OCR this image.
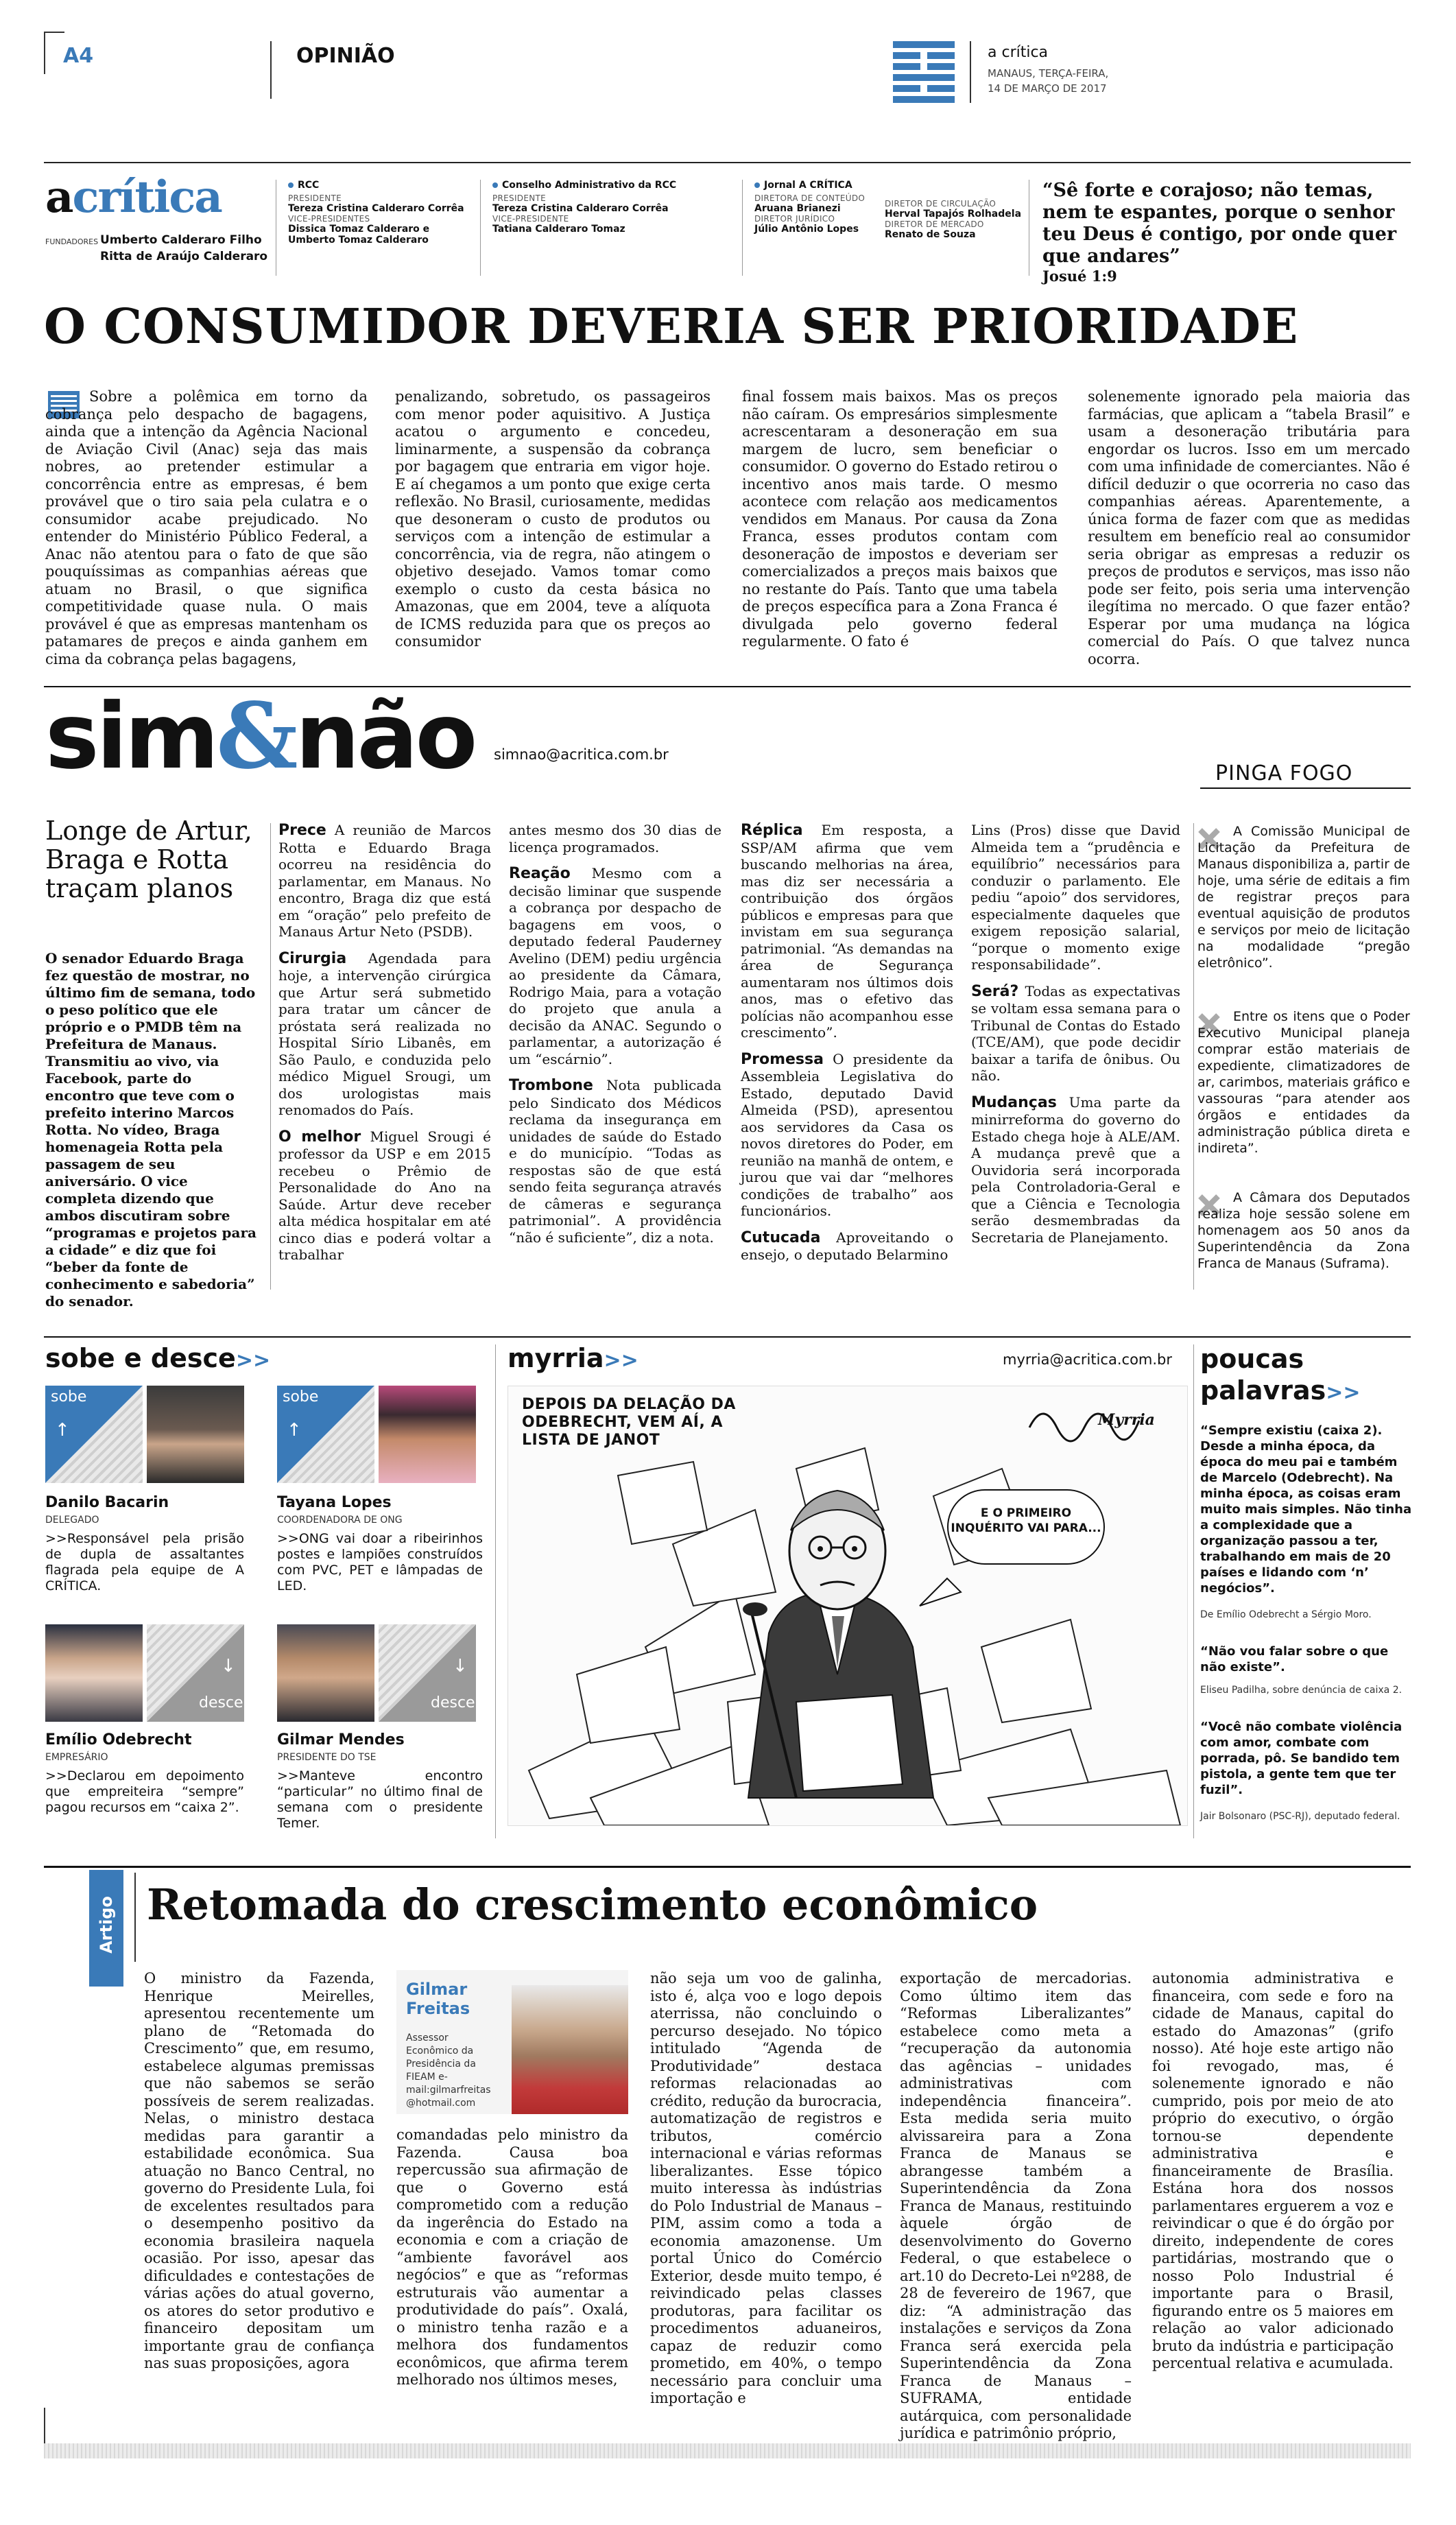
A4	OPINIÃO	a crítica
MANAUS, TERÇA-FEIRA,
14 DE MARÇO DE 2017
acrítica
FUNDADORES Umberto Calderaro Filho
Ritta de Araújo Calderaro
RCC
PRESIDENTE
Tereza Cristina Calderaro Corrêa
VICE-PRESIDENTES
Dissica Tomaz Calderaro e
Umberto Tomaz Calderaro
Conselho Administrativo da RCC
PRESIDENTE
Tereza Cristina Calderaro Corrêa
VICE-PRESIDENTE
Tatiana Calderaro Tomaz
Jornal A CRÍTICA
DIRETORA DE CONTEÚDO
Aruana Brianezi
DIRETOR JURÍDICO
Júlio Antônio Lopes
DIRETOR DE CIRCULAÇÃO
Herval Tapajós Rolhadela
DIRETOR DE MERCADO
Renato de Souza
“Sê forte e corajoso; não temas, nem te espantes, porque o senhor teu Deus é contigo, por onde quer que andares”
Josué 1:9
O CONSUMIDOR DEVERIA SER PRIORIDADE
Sobre a polêmica em torno da cobrança pelo despacho de bagagens, ainda que a intenção da Agência Nacional de Aviação Civil (Anac) seja das mais nobres, ao pretender estimular a concorrência entre as empresas, é bem provável que o tiro saia pela culatra e o consumidor acabe prejudicado. No entender do Ministério Público Federal, a Anac não atentou para o fato de que são pouquíssimas as companhias aéreas que atuam no Brasil, o que significa competitividade quase nula. O mais provável é que as empresas mantenham os patamares de preços e ainda ganhem em cima da cobrança pelas bagagens,
penalizando, sobretudo, os passageiros com menor poder aquisitivo. A Justiça acatou o argumento e concedeu, liminarmente, a suspensão da cobrança por bagagem que entraria em vigor hoje. E aí chegamos a um ponto que exige certa reflexão. No Brasil, curiosamente, medidas que desoneram o custo de produtos ou serviços com a intenção de estimular a concorrência, via de regra, não atingem o objetivo desejado. Vamos tomar como exemplo o custo da cesta básica no Amazonas, que em 2004, teve a alíquota de ICMS reduzida para que os preços ao consumidor
final fossem mais baixos. Mas os preços não caíram. Os empresários simplesmente acrescentaram a desoneração em sua margem de lucro, sem beneficiar o consumidor. O governo do Estado retirou o incentivo anos mais tarde. O mesmo acontece com relação aos medicamentos vendidos em Manaus. Por causa da Zona Franca, esses produtos contam com desoneração de impostos e deveriam ser comercializados a preços mais baixos que no restante do País. Tanto que uma tabela de preços específica para a Zona Franca é divulgada pelo governo federal regularmente. O fato é
solenemente ignorado pela maioria das farmácias, que aplicam a “tabela Brasil” e usam a desoneração tributária para engordar os lucros. Isso em um mercado com uma infinidade de comerciantes. Não é difícil deduzir o que ocorreria no caso das companhias aéreas. Aparentemente, a única forma de fazer com que as medidas resultem em benefício real ao consumidor seria obrigar as empresas a reduzir os preços de produtos e serviços, mas isso não pode ser feito, pois seria uma intervenção ilegítima no mercado. O que fazer então? Esperar por uma mudança na lógica comercial do País. O que talvez nunca ocorra.
sim&não simnao@acritica.com.br
PINGA FOGO
Longe de Artur, Braga e Rotta traçam planos
O senador Eduardo Braga fez questão de mostrar, no último fim de semana, todo o peso político que ele próprio e o PMDB têm na Prefeitura de Manaus. Transmitiu ao vivo, via Facebook, parte do encontro que teve com o prefeito interino Marcos Rotta. No vídeo, Braga homenageia Rotta pela passagem de seu aniversário. O vice completa dizendo que ambos discutiram sobre “programas e projetos para a cidade” e diz que foi “beber da fonte de conhecimento e sabedoria” do senador.

Prece A reunião de Marcos Rotta e Eduardo Braga ocorreu na residência do parlamentar, em Manaus. No encontro, Braga diz que está em “oração” pelo prefeito de Manaus Artur Neto (PSDB).

Cirurgia Agendada para hoje, a intervenção cirúrgica que Artur será submetido para tratar um câncer de próstata será realizada no Hospital Sírio Libanês, em São Paulo, e conduzida pelo médico Miguel Srougi, um dos urologistas mais renomados do País.

O melhor Miguel Srougi é professor da USP e em 2015 recebeu o Prêmio de Personalidade do Ano na Saúde. Artur deve receber alta médica hospitalar em até cinco dias e poderá voltar a trabalhar

antes mesmo dos 30 dias de licença programados.

Reação Mesmo com a decisão liminar que suspende a cobrança por despacho de bagagens em voos, o deputado federal Pauderney Avelino (DEM) pediu urgência ao presidente da Câmara, Rodrigo Maia, para a votação do projeto que anula a decisão da ANAC. Segundo o parlamentar, a autorização é um “escárnio”.

Trombone Nota publicada pelo Sindicato dos Médicos reclama da insegurança em unidades de saúde do Estado e do município. “Todas as respostas são de que está sendo feita segurança através de câmeras e segurança patrimonial”. A providência “não é suficiente”, diz a nota.

Réplica Em resposta, a SSP/AM afirma que vem buscando melhorias na área, mas diz ser necessária a contribuição dos órgãos públicos e empresas para que invistam em sua segurança patrimonial. “As demandas na área de Segurança aumentaram nos últimos dois anos, mas o efetivo das polícias não acompanhou esse crescimento”.

Promessa O presidente da Assembleia Legislativa do Estado, deputado David Almeida (PSD), apresentou aos servidores da Casa os novos diretores do Poder, em reunião na manhã de ontem, e jurou que vai dar “melhores condições de trabalho” aos funcionários.

Cutucada Aproveitando o ensejo, o deputado Belarmino

Lins (Pros) disse que David Almeida tem a “prudência e equilíbrio” necessários para conduzir o parlamento. Ele pediu “apoio” dos servidores, especialmente daqueles que exigem reposição salarial, “porque o momento exige responsabilidade”.

Será? Todas as expectativas se voltam essa semana para o Tribunal de Contas do Estado (TCE/AM), que pode decidir baixar a tarifa de ônibus. Ou não.

Mudanças Uma parte da minirreforma do governo do Estado chega hoje à ALE/AM. A mudança prevê que a Ouvidoria será incorporada pela Controladoria-Geral e que a Ciência e Tecnologia serão desmembradas da Secretaria de Planejamento.

A Comissão Municipal de Licitação da Prefeitura de Manaus disponibiliza a, partir de hoje, uma série de editais a fim de registrar preços para eventual aquisição de produtos e serviços por meio de licitação na modalidade “pregão eletrônico”.
Entre os itens que o Poder Executivo Municipal planeja comprar estão materiais de expediente, climatizadores de ar, carimbos, materiais gráfico e vassouras “para atender aos órgãos e entidades da administração pública direta e indireta”.
A Câmara dos Deputados realiza hoje sessão solene em homenagem aos 50 anos da Superintendência da Zona Franca de Manaus (Suframa).
sobe e desce>>
sobe
↑
Danilo Bacarin
DELEGADO
>>Responsável pela prisão de dupla de assaltantes flagrada pela equipe de A CRÍTICA.
sobe
↑
Tayana Lopes
COORDENADORA DE ONG
>>ONG vai doar a ribeirinhos postes e lampiões construídos com PVC, PET e lâmpadas de LED.
↓
desce
Emílio Odebrecht
EMPRESÁRIO
>>Declarou em depoimento que empreiteira “sempre” pagou recursos em “caixa 2”.
↓
desce
Gilmar Mendes
PRESIDENTE DO TSE
>>Manteve encontro “particular” no último final de semana com o presidente Temer.
myrria>>	myrria@acritica.com.br
DEPOIS DA DELAÇÃO DA ODEBRECHT, VEM AÍ, A LISTA DE JANOT
E O PRIMEIRO INQUÉRITO VAI PARA...
Myrria
poucas
palavras>>
“Sempre existiu (caixa 2). Desde a minha época, da época do meu pai e também de Marcelo (Odebrecht). Na minha época, as coisas eram muito mais simples. Não tinha a complexidade que a organização passou a ter, trabalhando em mais de 20 países e lidando com ‘n’ negócios”.
De Emílio Odebrecht a Sérgio Moro.
“Não vou falar sobre o que não existe”.
Eliseu Padilha, sobre denúncia de caixa 2.
“Você não combate violência com amor, combate com porrada, pô. Se bandido tem pistola, a gente tem que ter fuzil”.
Jair Bolsonaro (PSC-RJ), deputado federal.
Artigo Retomada do crescimento econômico
O ministro da Fazenda, Henrique Meirelles, apresentou recentemente um plano de “Retomada do Crescimento” que, em resumo, estabelece algumas premissas que não sabemos se serão possíveis de serem realizadas. Nelas, o ministro destaca medidas para garantir a estabilidade econômica. Sua atuação no Banco Central, no governo do Presidente Lula, foi de excelentes resultados para o desempenho positivo da economia brasileira naquela ocasião. Por isso, apesar das dificuldades e contestações de várias ações do atual governo, os atores do setor produtivo e financeiro depositam um importante grau de confiança nas suas proposições, agora
Gilmar
Freitas
Assessor Econômico da Presidência da FIEAM e-mail:gilmarfreitas @hotmail.com
comandadas pelo ministro da Fazenda. Causa boa repercussão sua afirmação de que o Governo está comprometido com a redução da ingerência do Estado na economia e com a criação de “ambiente favorável aos negócios” e que as “reformas estruturais vão aumentar a produtividade do país”. Oxalá, o ministro tenha razão e a melhora dos fundamentos econômicos, que afirma terem melhorado nos últimos meses,
não seja um voo de galinha, isto é, alça voo e logo depois aterrissa, não concluindo o percurso desejado. No tópico intitulado “Agenda de Produtividade” destaca reformas relacionadas ao crédito, redução da burocracia, automatização de registros e tributos, comércio internacional e várias reformas liberalizantes. Esse tópico muito interessa às indústrias do Polo Industrial de Manaus – PIM, assim como a toda a economia amazonense. Um portal Único do Comércio Exterior, desde muito tempo, é reivindicado pelas classes produtoras, para facilitar os procedimentos aduaneiros, capaz de reduzir como prometido, em 40%, o tempo necessário para concluir uma importação e
exportação de mercadorias. Como último item das “Reformas Liberalizantes” estabelece como meta a “recuperação da autonomia das agências – unidades administrativas com independência financeira”. Esta medida seria muito alvissareira para a Zona Franca de Manaus se abrangesse também a Superintendência da Zona Franca de Manaus, restituindo àquele órgão de desenvolvimento do Governo Federal, o que estabelece o art.10 do Decreto-Lei nº288, de 28 de fevereiro de 1967, que diz: “A administração das instalações e serviços da Zona Franca será exercida pela Superintendência da Zona Franca de Manaus – SUFRAMA, entidade autárquica, com personalidade jurídica e patrimônio próprio,
autonomia administrativa e financeira, com sede e foro na cidade de Manaus, capital do estado do Amazonas” (grifo nosso). Até hoje este artigo não foi revogado, mas, é solenemente ignorado e não cumprido, pois por meio de ato próprio do executivo, o órgão tornou-se dependente administrativa e financeiramente de Brasília. Estána hora dos nossos parlamentares erguerem a voz e reivindicar o que é do órgão por direito, independente de cores partidárias, mostrando que o nosso Polo Industrial é importante para o Brasil, figurando entre os 5 maiores em relação ao valor adicionado bruto da indústria e participação percentual relativa e acumulada.
